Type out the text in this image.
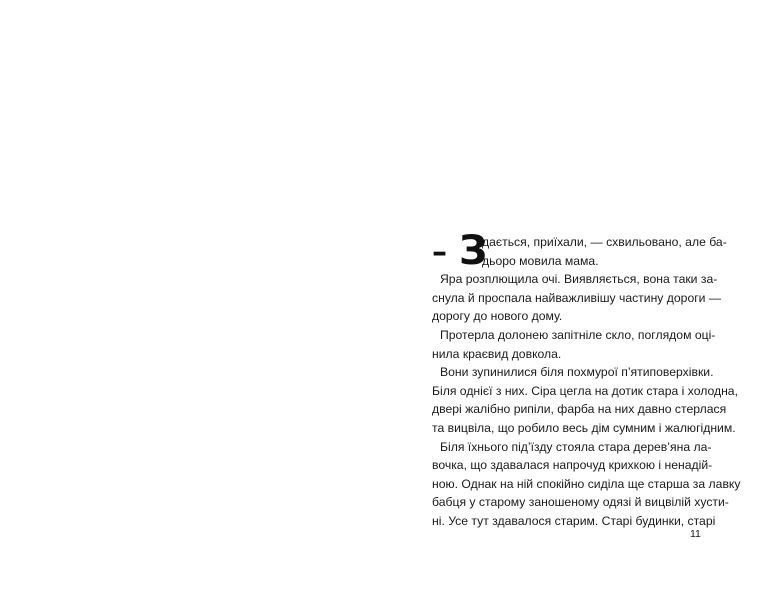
– З
дається, приїхали, — схвильовано, але ба-
дьоро мовила мама.
Яра розплющила очі. Виявляється, вона таки за-
снула й проспала найважливішу частину дороги —
дорогу до нового дому.
Протерла долонею запітніле скло, поглядом оці-
нила краєвид довкола.
Вони зупинилися біля похмурої п’ятиповерхівки.
Біля однієї з них. Сіра цегла на дотик стара і холодна,
двері жалібно рипіли, фарба на них давно стерлася
та вицвіла, що робило весь дім сумним і жалюгідним.
Біля їхнього під’їзду стояла стара дерев’яна ла-
вочка, що здавалася напрочуд крихкою і ненадій-
ною. Однак на ній спокійно сиділа ще старша за лавку
бабця у старому заношеному одязі й вицвілій хусти-
ні. Усе тут здавалося старим. Старі будинки, старі
11
